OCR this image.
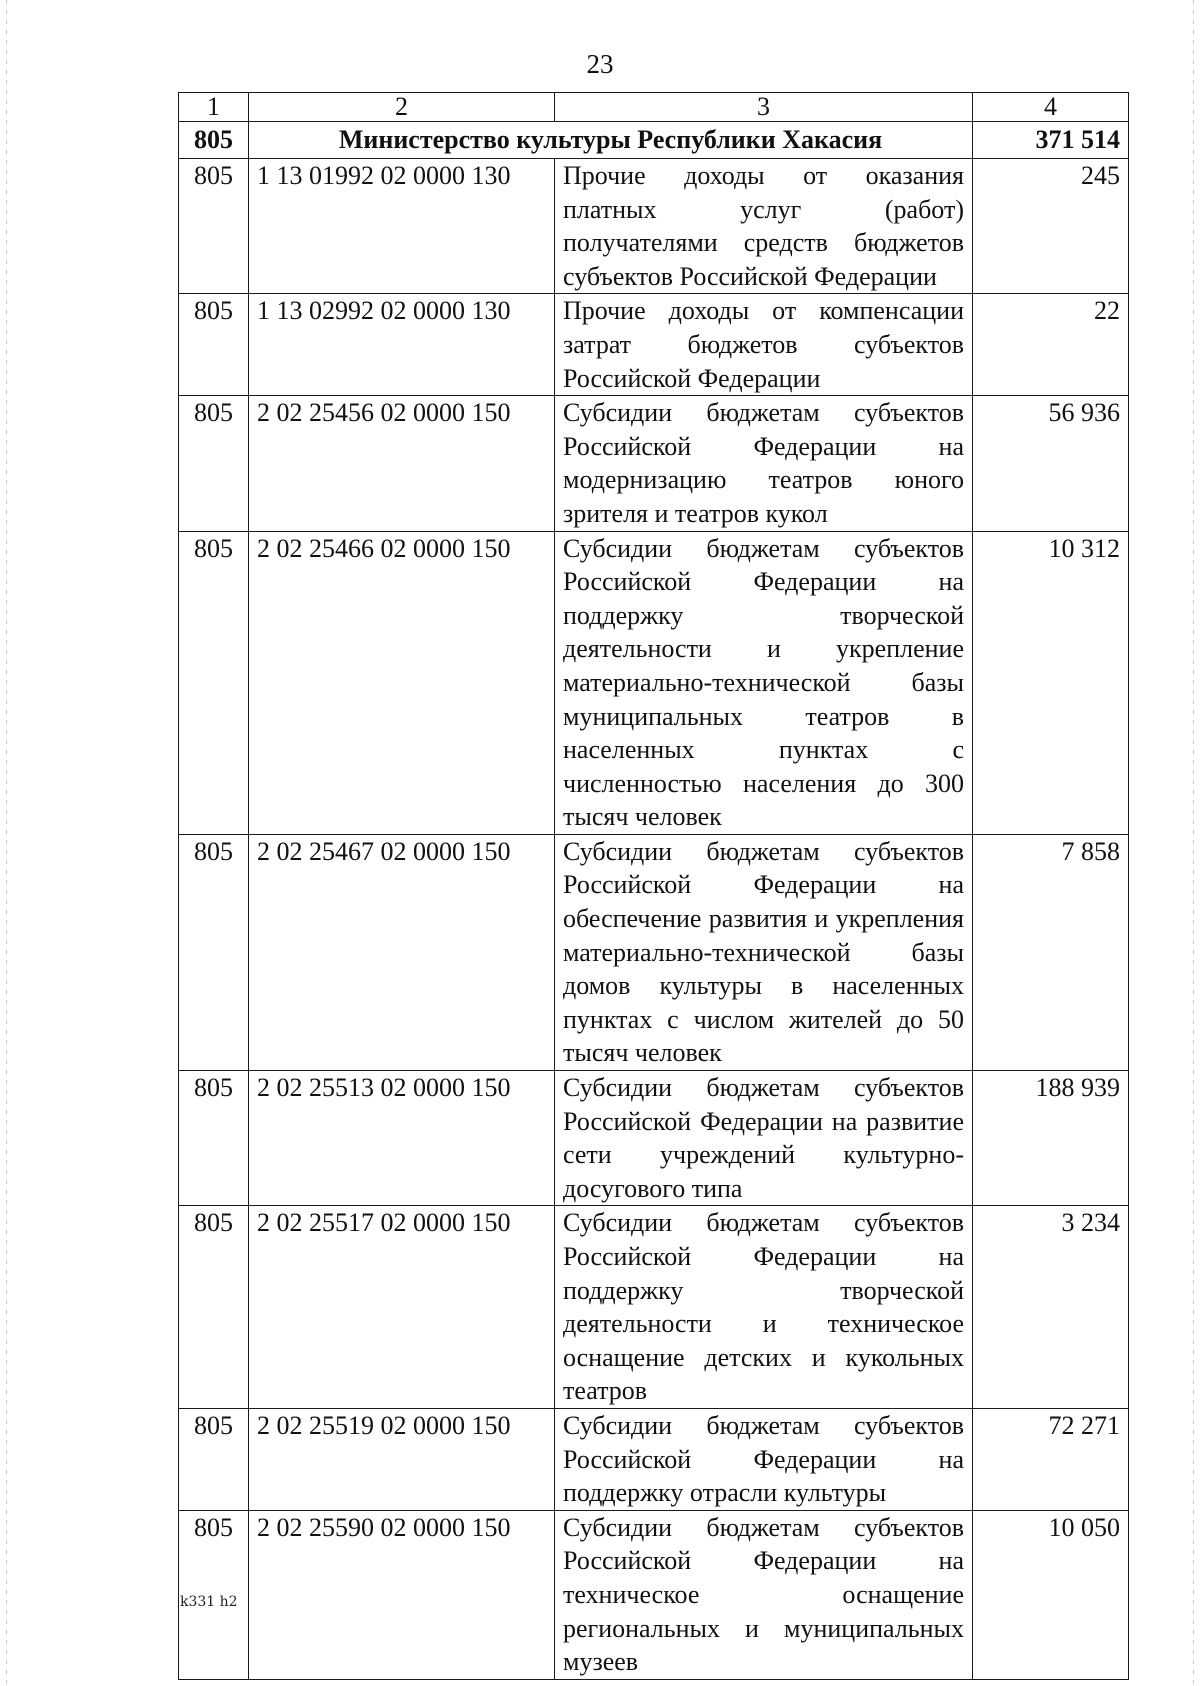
23
1	2	3	4
805	Министерство культуры Республики Хакасия		371 514
805	1 13 01992 02 0000 130	Прочие доходы от оказания платных услуг (работ) получателями средств бюджетов субъектов Российской Федерации	245
805	1 13 02992 02 0000 130	Прочие доходы от компенсации затрат бюджетов субъектов Российской Федерации	22
805	2 02 25456 02 0000 150	Субсидии бюджетам субъектов Российской Федерации на модернизацию театров юного зрителя и театров кукол	56 936
805	2 02 25466 02 0000 150	Субсидии бюджетам субъектов Российской Федерации на поддержку творческой деятельности и укрепление материально-технической базы муниципальных театров в населенных пунктах с численностью населения до 300 тысяч человек	10 312
805	2 02 25467 02 0000 150	Субсидии бюджетам субъектов Российской Федерации на обеспечение развития и укрепления материально-технической базы домов культуры в населенных пунктах с числом жителей до 50 тысяч человек	7 858
805	2 02 25513 02 0000 150	Субсидии бюджетам субъектов Российской Федерации на развитие сети учреждений культурно-досугового типа	188 939
805	2 02 25517 02 0000 150	Субсидии бюджетам субъектов Российской Федерации на поддержку творческой деятельности и техническое оснащение детских и кукольных театров	3 234
805	2 02 25519 02 0000 150	Субсидии бюджетам субъектов Российской Федерации на поддержку отрасли культуры	72 271
805	2 02 25590 02 0000 150	Субсидии бюджетам субъектов Российской Федерации на техническое оснащение региональных и муниципальных музеев	10 050
k331 h2
